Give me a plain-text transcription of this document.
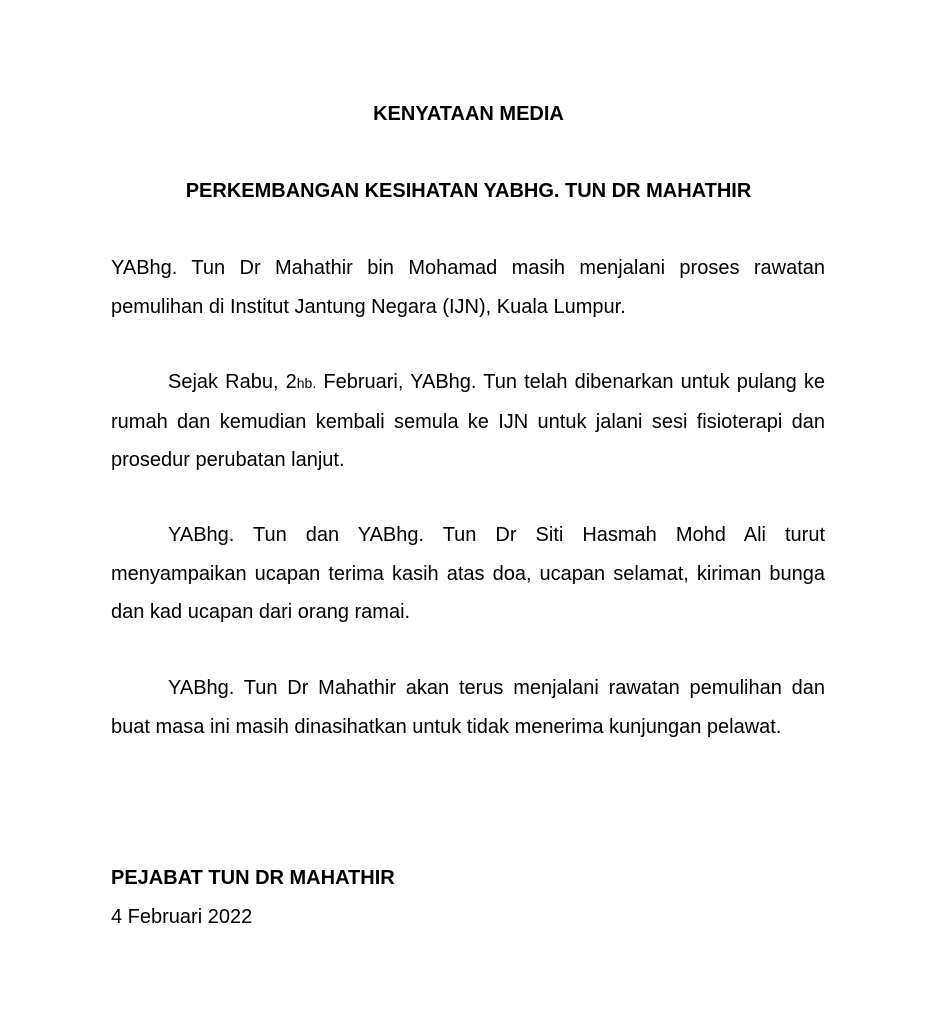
KENYATAAN MEDIA
PERKEMBANGAN KESIHATAN YABHG. TUN DR MAHATHIR

YABhg. Tun Dr Mahathir bin Mohamad masih menjalani proses rawatan pemulihan di Institut Jantung Negara (IJN), Kuala Lumpur.

Sejak Rabu, 2hb. Februari, YABhg. Tun telah dibenarkan untuk pulang ke rumah dan kemudian kembali semula ke IJN untuk jalani sesi fisioterapi dan prosedur perubatan lanjut.

YABhg. Tun dan YABhg. Tun Dr Siti Hasmah Mohd Ali turut menyampaikan ucapan terima kasih atas doa, ucapan selamat, kiriman bunga dan kad ucapan dari orang ramai.

YABhg. Tun Dr Mahathir akan terus menjalani rawatan pemulihan dan buat masa ini masih dinasihatkan untuk tidak menerima kunjungan pelawat.

PEJABAT TUN DR MAHATHIR

4 Februari 2022
